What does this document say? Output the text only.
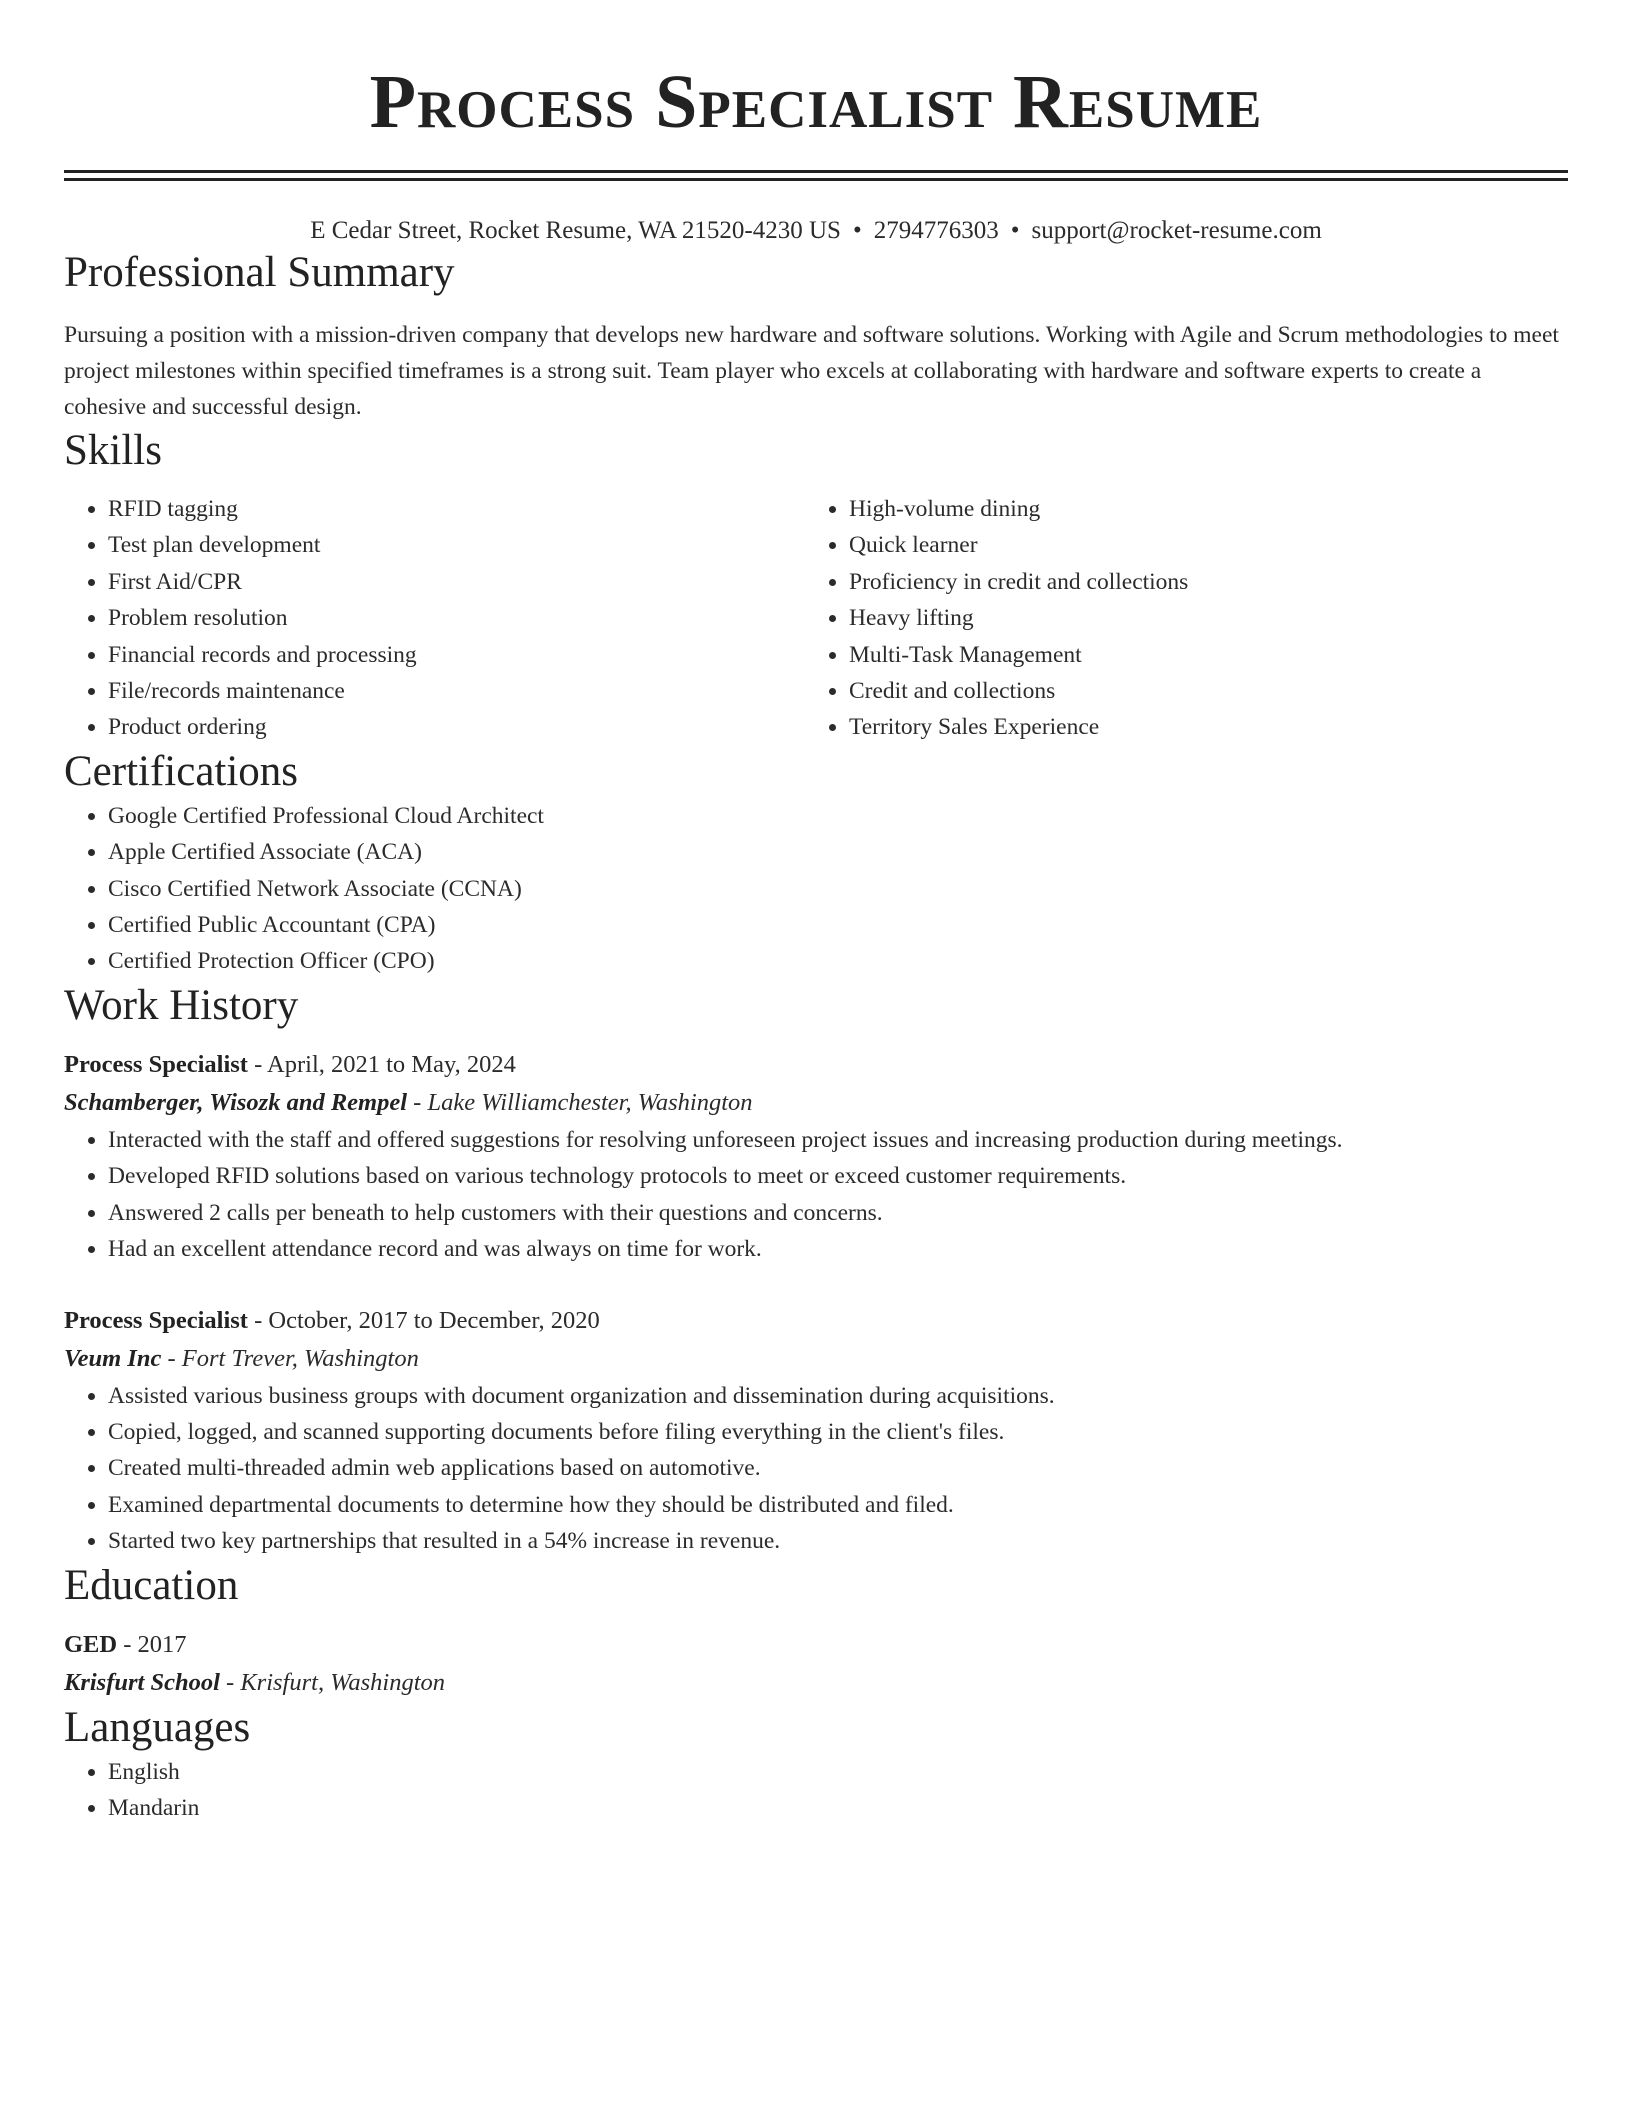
Process Specialist Resume
E Cedar Street, Rocket Resume, WA 21520-4230 US • 2794776303 • support@rocket-resume.com
Professional Summary

Pursuing a position with a mission-driven company that develops new hardware and software solutions. Working with Agile and Scrum methodologies to meet project milestones within specified timeframes is a strong suit. Team player who excels at collaborating with hardware and software experts to create a cohesive and successful design.

Skills
• RFID tagging
• Test plan development
• First Aid/CPR
• Problem resolution
• Financial records and processing
• File/records maintenance
• Product ordering
• High-volume dining
• Quick learner
• Proficiency in credit and collections
• Heavy lifting
• Multi-Task Management
• Credit and collections
• Territory Sales Experience
Certifications
• Google Certified Professional Cloud Architect
• Apple Certified Associate (ACA)
• Cisco Certified Network Associate (CCNA)
• Certified Public Accountant (CPA)
• Certified Protection Officer (CPO)
Work History
Process Specialist - April, 2021 to May, 2024
Schamberger, Wisozk and Rempel - Lake Williamchester, Washington
• Interacted with the staff and offered suggestions for resolving unforeseen project issues and increasing production during meetings.
• Developed RFID solutions based on various technology protocols to meet or exceed customer requirements.
• Answered 2 calls per beneath to help customers with their questions and concerns.
• Had an excellent attendance record and was always on time for work.
Process Specialist - October, 2017 to December, 2020
Veum Inc - Fort Trever, Washington
• Assisted various business groups with document organization and dissemination during acquisitions.
• Copied, logged, and scanned supporting documents before filing everything in the client's files.
• Created multi-threaded admin web applications based on automotive.
• Examined departmental documents to determine how they should be distributed and filed.
• Started two key partnerships that resulted in a 54% increase in revenue.
Education
GED - 2017
Krisfurt School - Krisfurt, Washington
Languages
• English
• Mandarin
